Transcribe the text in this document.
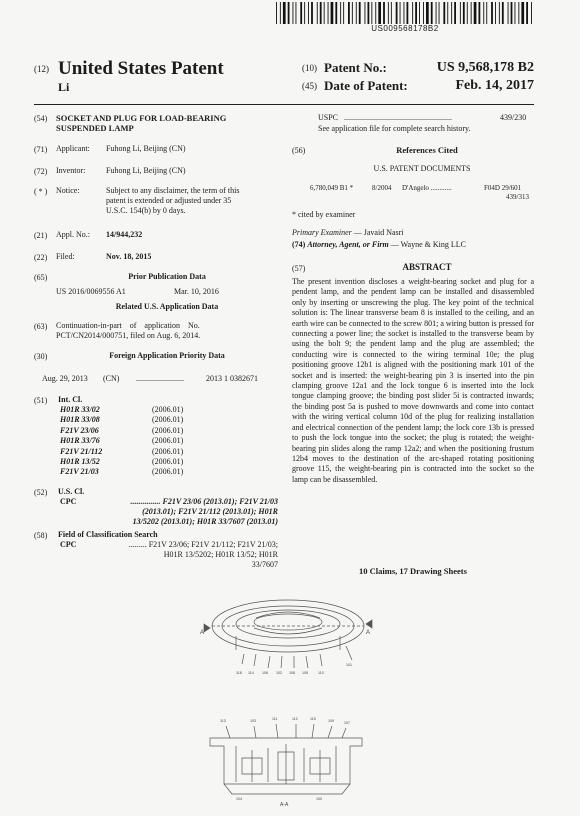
US009568178B2
(12) United States Patent
Li
(10) Patent No.:	US 9,568,178 B2
(45) Date of Patent:	Feb. 14, 2017
(54) SOCKET AND PLUG FOR LOAD-BEARING
SUSPENDED LAMP
(71) Applicant: Fuhong Li, Beijing (CN)
(72) Inventor:	Fuhong Li, Beijing (CN)
( * ) Notice:	Subject to any disclaimer, the term of this
patent is extended or adjusted under 35
U.S.C. 154(b) by 0 days.
(21) Appl. No.: 14/944,232
(22) Filed:	Nov. 18, 2015
(65)	Prior Publication Data
US 2016/0069556 A1	Mar. 10, 2016
Related U.S. Application Data
(63) Continuation-in-part    of    application    No.
PCT/CN2014/000751, filed on Aug. 6, 2014.
(30)	Foreign Application Priority Data
Aug. 29, 2013 (CN) ........................	2013 1 0382671
(51) Int. Cl.
H01R 33/02	(2006.01)
H01R 33/08	(2006.01)
F21V 23/06	(2006.01)
H01R 33/76	(2006.01)
F21V 21/112	(2006.01)
H01R 13/52	(2006.01)
F21V 21/03	(2006.01)
(52) U.S. Cl.
CPC	............... F21V 23/06 (2013.01); F21V 21/03
(2013.01); F21V 21/112 (2013.01); H01R
13/5202 (2013.01); H01R 33/7607 (2013.01)
(58) Field of Classification Search
CPC	......... F21V 23/06; F21V 21/112; F21V 21/03;
H01R 13/5202; H01R 13/52; H01R
33/7607
USPC ......................................................	439/230
See application file for complete search history.
(56)	References Cited
U.S. PATENT DOCUMENTS
6,780,049 B1 *	8/2004 D'Angelo ............	F04D 29/601
439/313
* cited by examiner
Primary Examiner — Javaid Nasri
(74) Attorney, Agent, or Firm — Wayne & King LLC
(57)	ABSTRACT
The present invention discloses a weight-bearing socket and plug for a pendent lamp, and the pendent lamp can be installed and disassembled only by inserting or unscrewing the plug. The key point of the technical solution is: The linear transverse beam 8 is installed to the ceiling, and an earth wire can be connected to the screw 801; a wiring button is pressed for connecting a power line; the socket is installed to the transverse beam by using the bolt 9; the pendent lamp and the plug are assembled; the conducting wire is connected to the wiring terminal 10e; the plug positioning groove 12b1 is aligned with the positioning mark 101 of the socket and is inserted: the weight-bearing pin 3 is inserted into the pin clamping groove 12a1 and the lock tongue 6 is inserted into the lock tongue clamping groove; the binding post slider 5i is contracted inwards; the binding post 5a is pushed to move downwards and come into contact with the wiring vertical column 10d of the plug for realizing installation and electrical connection of the pendent lamp; the lock core 13b is pressed to push the lock tongue into the socket; the plug is rotated; the weight-bearing pin slides along the ramp 12a2; and when the positioning frustum 12b4 moves to the destination of the arc-shaped rotating positioning groove 115, the weight-bearing pin is contracted into the socket so the lamp can be disassembled.
10 Claims, 17 Drawing Sheets
A	A
118 114 106 102 108 105	110
101
113	103	111	112	115	109	107
104	100
A-A
